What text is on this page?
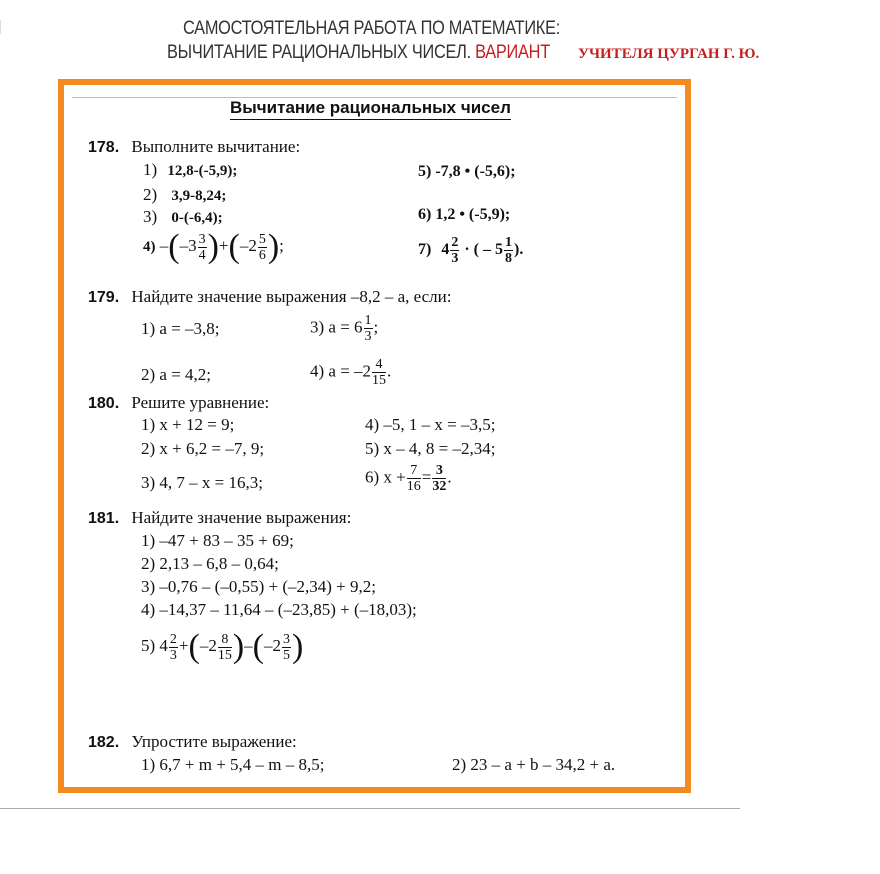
САМОСТОЯТЕЛЬНАЯ РАБОТА ПО МАТЕМАТИКЕ:
ВЫЧИТАНИЕ РАЦИОНАЛЬНЫХ ЧИСЕЛ. ВАРИАНТ УЧИТЕЛЯ ЦУРГАН Г. Ю.
Вычитание рациональных чисел
178. Выполните вычитание:
1) 12,8-(-5,9);
2) 3,9-8,24;
3) 0-(-6,4);
4) $-(-3 \frac{3}{4} )+(-2 \frac{5}{6}$ );
5) -7,8 • (-5,6);
6) 1,2 • (-5,9);
7) $4 \frac{2}{3}$ · ( – $5 \frac{1}{8}$ ).
179. Найдите значение выражения –8,2 – a, если:
1) a = –3,8;	3) $a = 6 \frac{1}{3}$ ;
2) a = 4,2;	4) $a = -2 \frac{4}{15}$ .
180. Решите уравнение:
1) x + 12 = 9;
2) x + 6,2 = –7, 9;
3) 4, 7 – x = 16,3;
4) –5, 1 – x = –3,5;
5) x – 4, 8 = –2,34;
6) $x + \frac{7}{16} = \frac{3}{32}$ .
181. Найдите значение выражения:
1) –47 + 83 – 35 + 69;
2) 2,13 – 6,8 – 0,64;
3) –0,76 – (–0,55) + (–2,34) + 9,2;
4) –14,37 – 11,64 – (–23,85) + (–18,03);
5) $4 \frac{2}{3} +(-2 \frac{8}{15} )-(-2 \frac{3}{5}$ )
182. Упростите выражение:
1) 6,7 + m + 5,4 – m – 8,5;	2) 23 – a + b – 34,2 + a.
